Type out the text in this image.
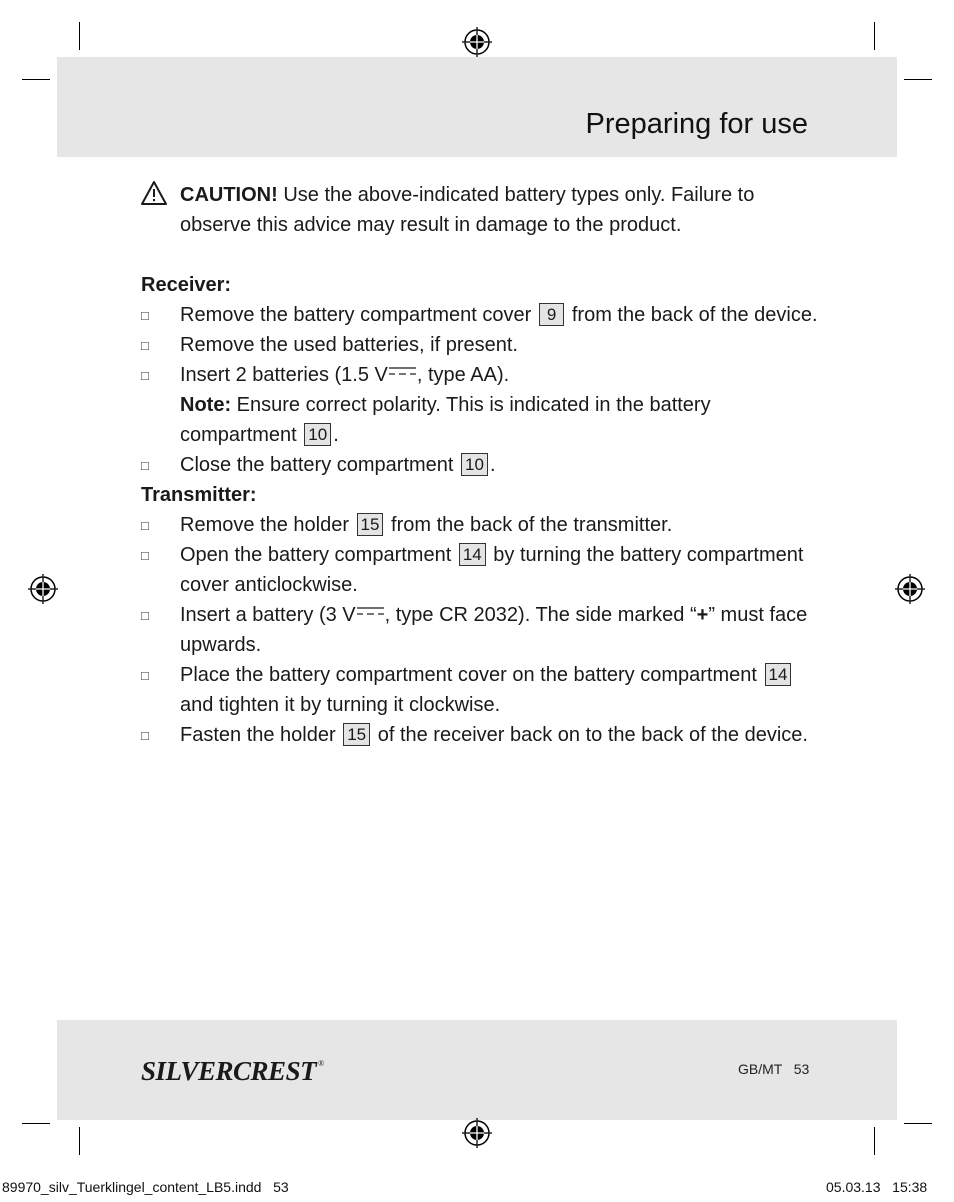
Preparing for use

CAUTION! Use the above-indicated battery types only. Failure to observe this advice may result in damage to the product.

Receiver:

□ Remove the battery compartment cover 9 from the back of the device.
□ Remove the used batteries, if present.
□ Insert 2 batteries (1.5 V , type AA).
Note: Ensure correct polarity. This is indicated in the battery compartment 10 .
□ Close the battery compartment 10 .

Transmitter:

□ Remove the holder 15 from the back of the transmitter.
□ Open the battery compartment 14 by turning the battery compartment cover anticlockwise.
□ Insert a battery (3 V , type CR 2032). The side marked “+” must face upwards.
□ Place the battery compartment cover on the battery compartment 14 and tighten it by turning it clockwise.
□ Fasten the holder 15 of the receiver back on to the back of the device.
SILVERCREST ®	GB/MT   53
89970_silv_Tuerklingel_content_LB5.indd   53	05.03.13   15:38
